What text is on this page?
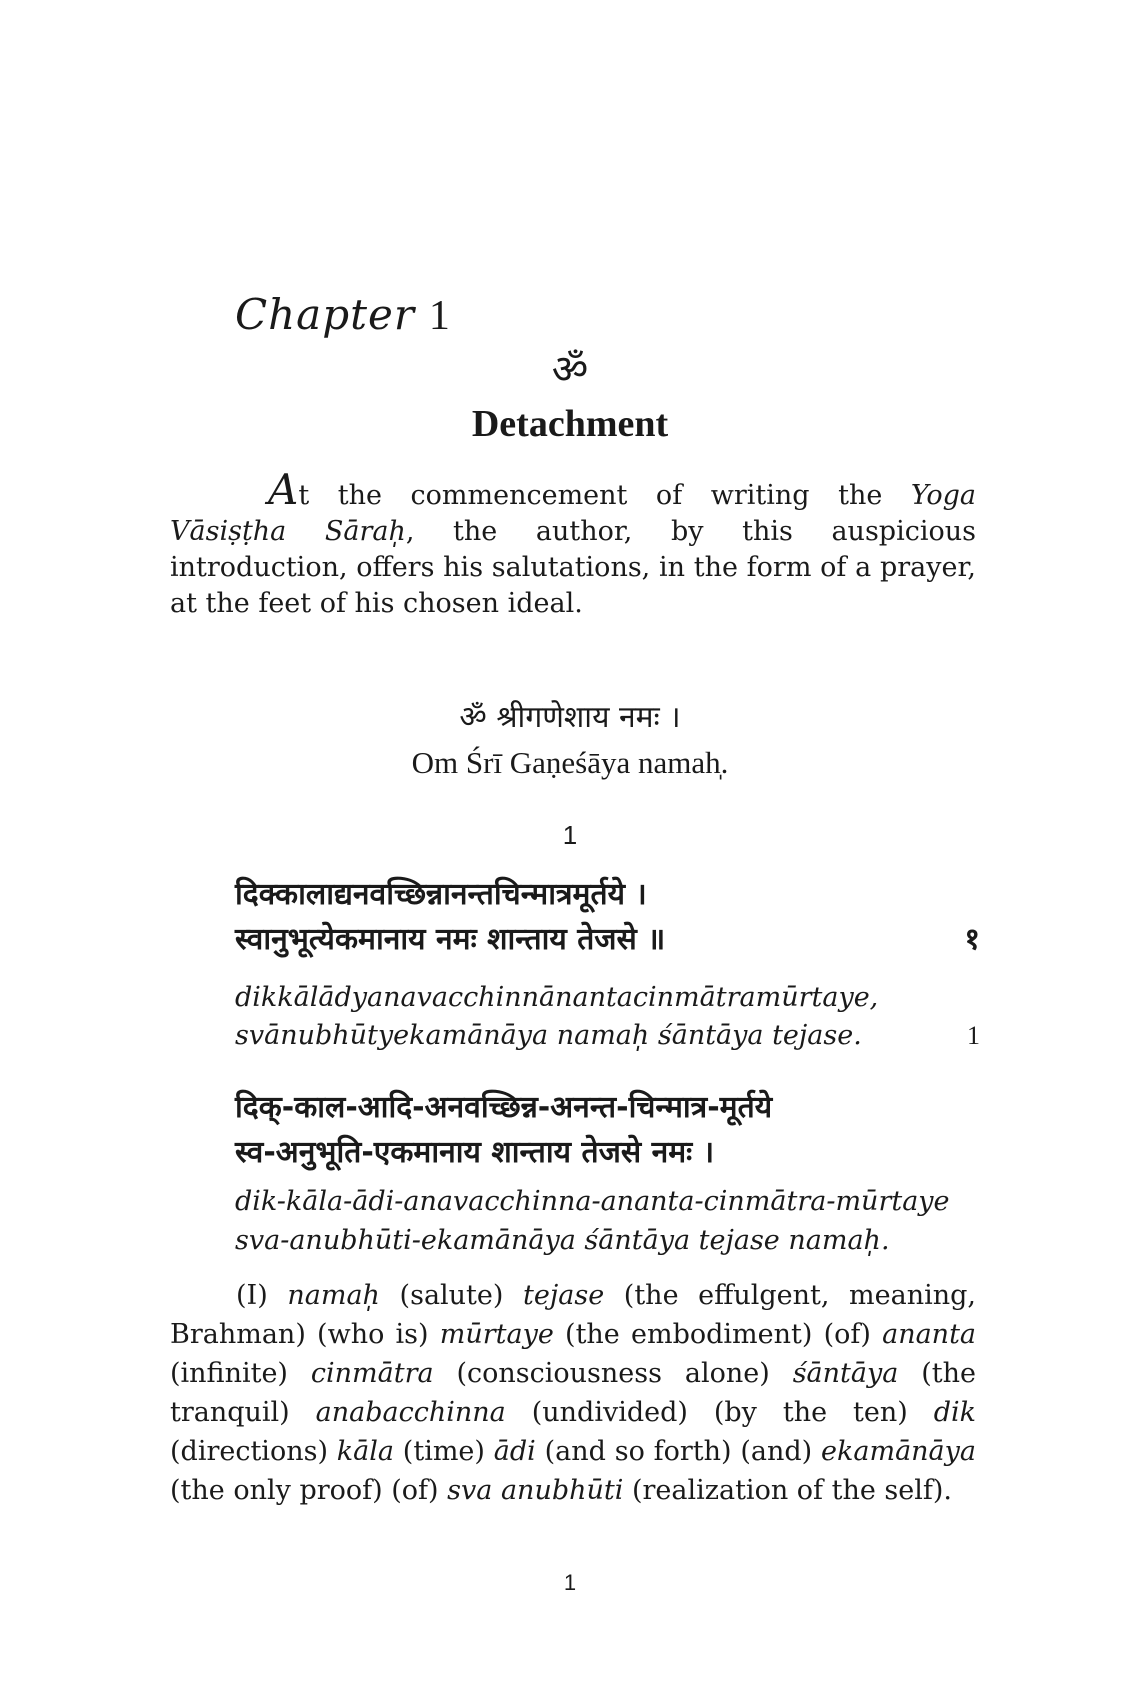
Chapter 1
ॐ
Detachment
At the commencement of writing the Yoga Vāsiṣṭha Sārah̩, the author, by this auspicious introduction, offers his salutations, in the form of a prayer, at the feet of his chosen ideal.
ॐ श्रीगणेशाय नमः ।
Om Śrī Gaṇeśāya namah̩.
1
दिक्कालाद्यनवच्छिन्नानन्तचिन्मात्रमूर्तये ।
स्वानुभूत्येकमानाय नमः शान्ताय तेजसे ॥	१
dikkālādyanavacchinnānantacinmātramūrtaye,
svānubhūtyekamānāya namah̩ śāntāya tejase.	1
दिक्-काल-आदि-अनवच्छिन्न-अनन्त-चिन्मात्र-मूर्तये
स्व-अनुभूति-एकमानाय शान्ताय तेजसे नमः ।
dik-kāla-ādi-anavacchinna-ananta-cinmātra-mūrtaye
sva-anubhūti-ekamānāya śāntāya tejase namah̩.
(I) namah̩ (salute) tejase (the effulgent, meaning, Brahman) (who is) mūrtaye (the embodiment) (of) ananta (infinite) cinmātra (consciousness alone) śāntāya (the tranquil) anabacchinna (undivided) (by the ten) dik (directions) kāla (time) ādi (and so forth) (and) ekamānāya (the only proof) (of) sva anubhūti (realization of the self).
1
